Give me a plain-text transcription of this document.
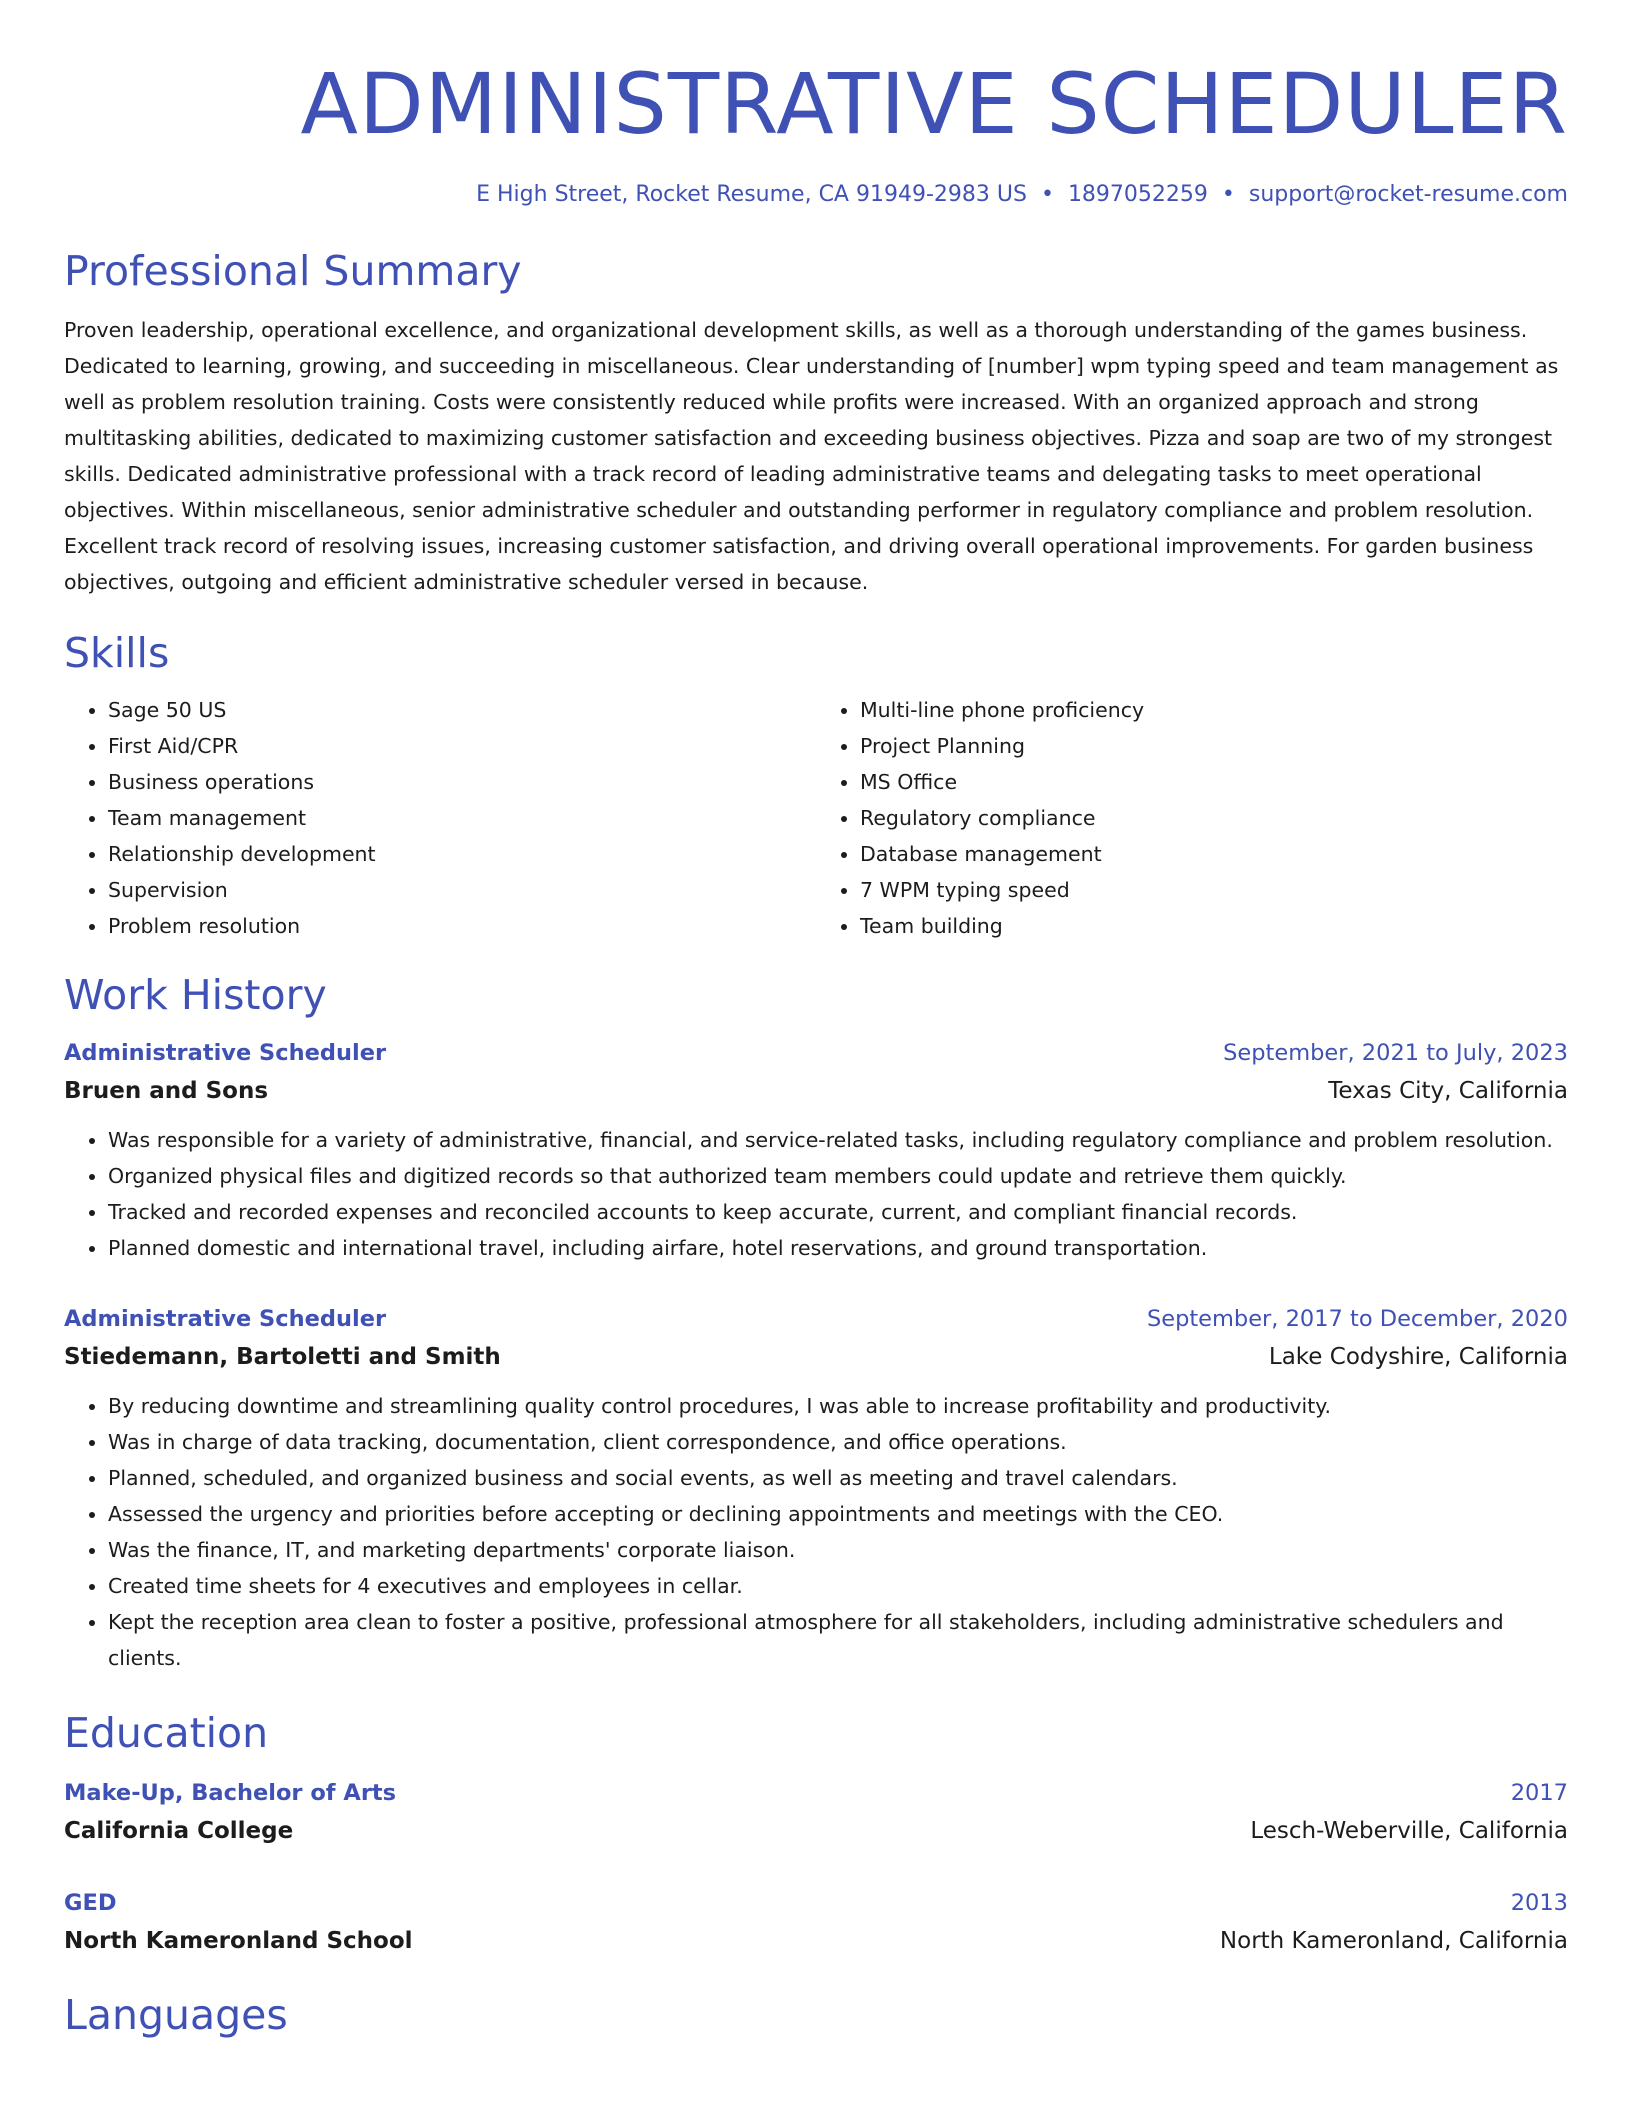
ADMINISTRATIVE SCHEDULER
E High Street, Rocket Resume, CA 91949-2983 US • 1897052259 • support@rocket-resume.com
Professional Summary

Proven leadership, operational excellence, and organizational development skills, as well as a thorough understanding of the games business. Dedicated to learning, growing, and succeeding in miscellaneous. Clear understanding of [number] wpm typing speed and team management as well as problem resolution training. Costs were consistently reduced while profits were increased. With an organized approach and strong multitasking abilities, dedicated to maximizing customer satisfaction and exceeding business objectives. Pizza and soap are two of my strongest skills. Dedicated administrative professional with a track record of leading administrative teams and delegating tasks to meet operational objectives. Within miscellaneous, senior administrative scheduler and outstanding performer in regulatory compliance and problem resolution. Excellent track record of resolving issues, increasing customer satisfaction, and driving overall operational improvements. For garden business objectives, outgoing and efficient administrative scheduler versed in because.

Skills
• Sage 50 US
• First Aid/CPR
• Business operations
• Team management
• Relationship development
• Supervision
• Problem resolution
• Multi-line phone proficiency
• Project Planning
• MS Office
• Regulatory compliance
• Database management
• 7 WPM typing speed
• Team building
Work History
Administrative Scheduler	September, 2021 to July, 2023
Bruen and Sons	Texas City, California
• Was responsible for a variety of administrative, financial, and service-related tasks, including regulatory compliance and problem resolution.
• Organized physical files and digitized records so that authorized team members could update and retrieve them quickly.
• Tracked and recorded expenses and reconciled accounts to keep accurate, current, and compliant financial records.
• Planned domestic and international travel, including airfare, hotel reservations, and ground transportation.
Administrative Scheduler	September, 2017 to December, 2020
Stiedemann, Bartoletti and Smith	Lake Codyshire, California
• By reducing downtime and streamlining quality control procedures, I was able to increase profitability and productivity.
• Was in charge of data tracking, documentation, client correspondence, and office operations.
• Planned, scheduled, and organized business and social events, as well as meeting and travel calendars.
• Assessed the urgency and priorities before accepting or declining appointments and meetings with the CEO.
• Was the finance, IT, and marketing departments' corporate liaison.
• Created time sheets for 4 executives and employees in cellar.
• Kept the reception area clean to foster a positive, professional atmosphere for all stakeholders, including administrative schedulers and clients.
Education
Make-Up, Bachelor of Arts	2017
California College	Lesch-Weberville, California
GED	2013
North Kameronland School	North Kameronland, California
Languages
